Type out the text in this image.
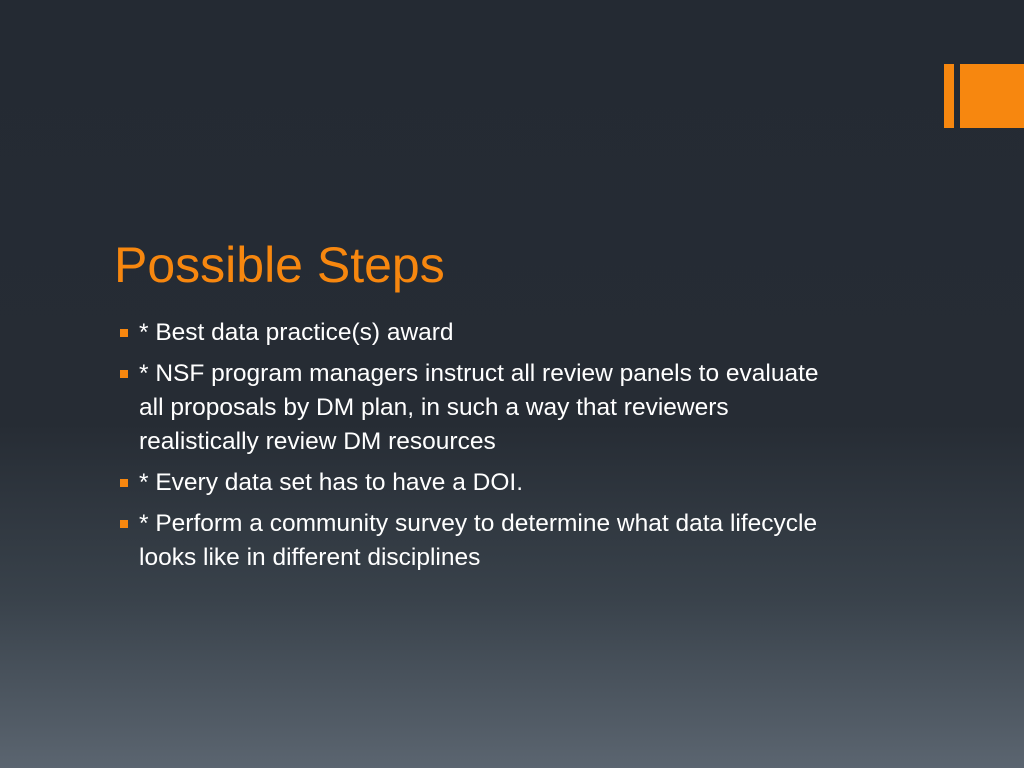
Possible Steps
* Best data practice(s) award
* NSF program managers instruct all review panels to evaluate all proposals by DM plan, in such a way that reviewers realistically review DM resources
* Every data set has to have a DOI.
* Perform a community survey to determine what data lifecycle looks like in different disciplines
